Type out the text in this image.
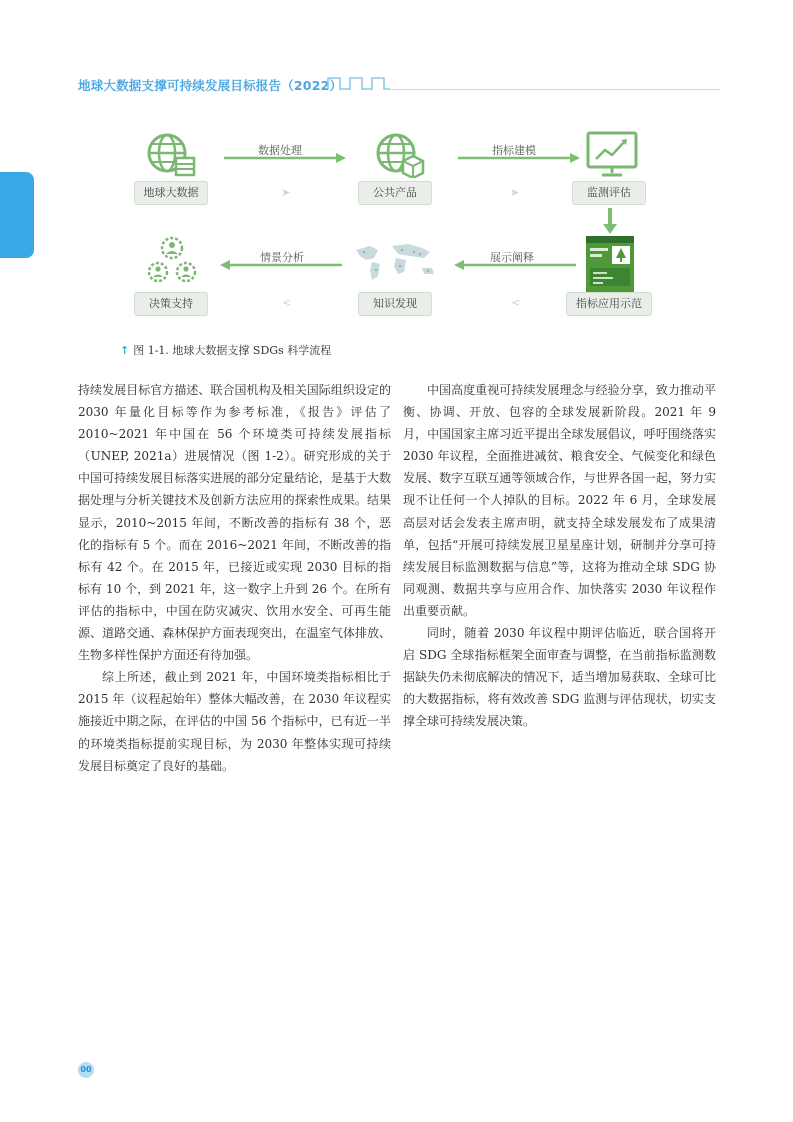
地球大数据支撑可持续发展目标报告（2022）
地球大数据
数据处理
➤	公共产品
指标建模
➤	监测评估
指标应用示范
展示阐释
<
知识发现
情景分析
<
决策支持
↑ 图 1-1. 地球大数据支撑 SDGs 科学流程

持续发展目标官方描述、联合国机构及相关国际组织设定的 2030 年量化目标等作为参考标准，《报告》评估了 2010~2021 年中国在 56 个环境类可持续发展指标（UNEP, 2021a）进展情况（图 1-2）。研究形成的关于中国可持续发展目标落实进展的部分定量结论，是基于大数据处理与分析关键技术及创新方法应用的探索性成果。结果显示，2010~2015 年间，不断改善的指标有 38 个，恶化的指标有 5 个。而在 2016~2021 年间，不断改善的指标有 42 个。在 2015 年，已接近或实现 2030 目标的指标有 10 个，到 2021 年，这一数字上升到 26 个。在所有评估的指标中，中国在防灾减灾、饮用水安全、可再生能源、道路交通、森林保护方面表现突出，在温室气体排放、生物多样性保护方面还有待加强。

综上所述，截止到 2021 年，中国环境类指标相比于 2015 年（议程起始年）整体大幅改善，在 2030 年议程实施接近中期之际，在评估的中国 56 个指标中，已有近一半的环境类指标提前实现目标，为 2030 年整体实现可持续发展目标奠定了良好的基础。

中国高度重视可持续发展理念与经验分享，致力推动平衡、协调、开放、包容的全球发展新阶段。2021 年 9 月，中国国家主席习近平提出全球发展倡议，呼吁围绕落实 2030 年议程，全面推进减贫、粮食安全、气候变化和绿色发展、数字互联互通等领域合作，与世界各国一起，努力实现不让任何一个人掉队的目标。2022 年 6 月，全球发展高层对话会发表主席声明，就支持全球发展发布了成果清单，包括“开展可持续发展卫星星座计划，研制并分享可持续发展目标监测数据与信息”等，这将为推动全球 SDG 协同观测、数据共享与应用合作、加快落实 2030 年议程作出重要贡献。

同时，随着 2030 年议程中期评估临近，联合国将开启 SDG 全球指标框架全面审查与调整，在当前指标监测数据缺失仍未彻底解决的情况下，适当增加易获取、全球可比的大数据指标，将有效改善 SDG 监测与评估现状，切实支撑全球可持续发展决策。

00
